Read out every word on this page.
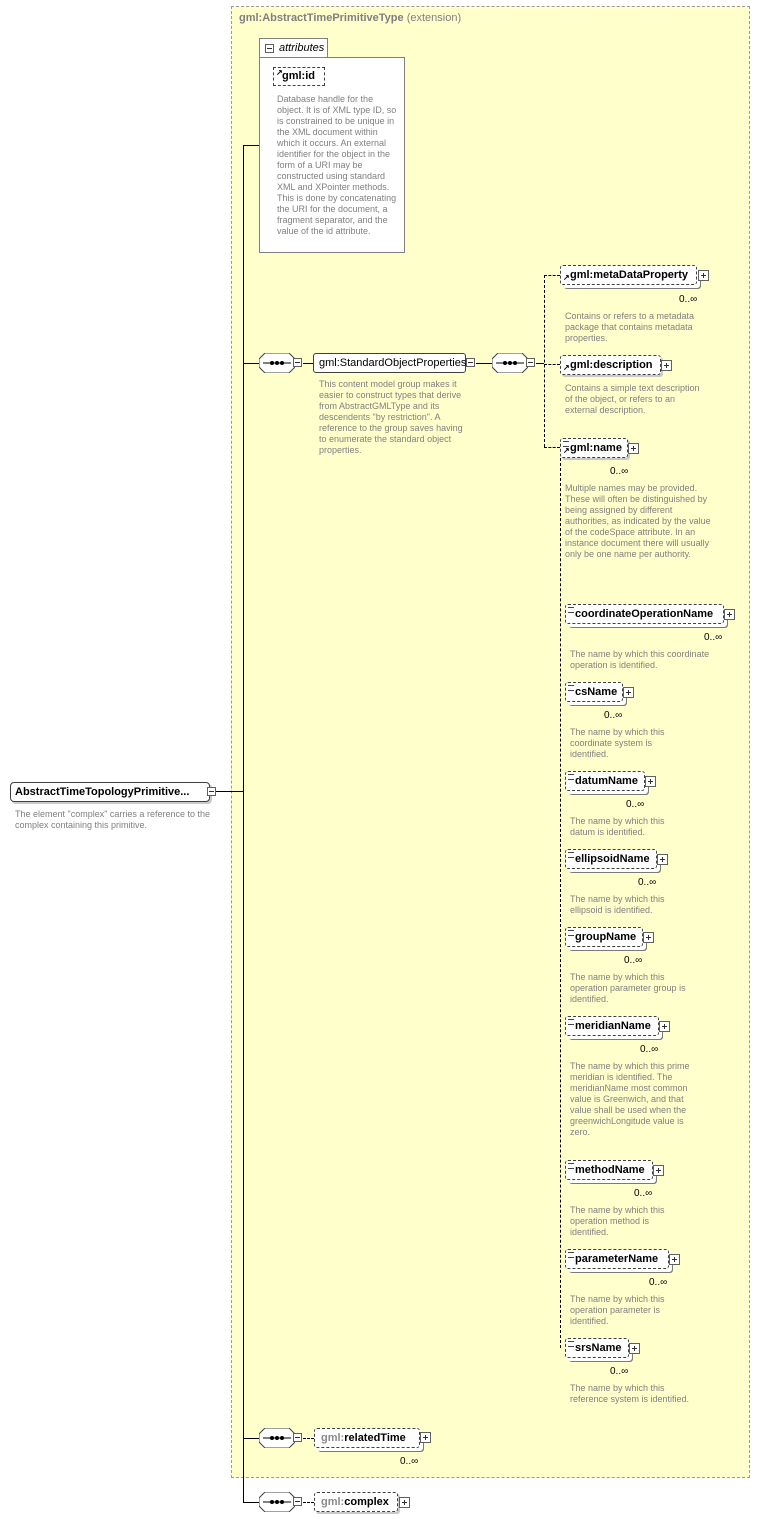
gml:AbstractTimePrimitiveType (extension)
attributes
↗ gml:id
Database handle for the object. It is of XML type ID, so is constrained to be unique in the XML document within which it occurs. An external identifier for the object in the form of a URI may be constructed using standard XML and XPointer methods. This is done by concatenating the URI for the document, a fragment separator, and the value of the id attribute.
AbstractTimeTopologyPrimitive...
The element "complex" carries a reference to the complex containing this primitive.
gml:StandardObjectProperties
This content model group makes it easier to construct types that derive from AbstractGMLType and its descendents "by restriction". A reference to the group saves having to enumerate the standard object properties.
↗ gml:metaDataProperty
0..∞
Contains or refers to a metadata package that contains metadata properties.
↗ gml:description
Contains a simple text description of the object, or refers to an external description.
↗ gml:name
0..∞
Multiple names may be provided. These will often be distinguished by being assigned by different authorities, as indicated by the value of the codeSpace attribute. In an instance document there will usually only be one name per authority.
coordinateOperationName
0..∞
The name by which this coordinate operation is identified.
csName
0..∞
The name by which this coordinate system is identified.
datumName
0..∞
The name by which this datum is identified.
ellipsoidName
0..∞
The name by which this ellipsoid is identified.
groupName
0..∞
The name by which this operation parameter group is identified.
meridianName
0..∞
The name by which this prime meridian is identified. The meridianName most common value is Greenwich, and that value shall be used when the greenwichLongitude value is zero.
methodName
0..∞
The name by which this operation method is identified.
parameterName
0..∞
The name by which this operation parameter is identified.
srsName
0..∞
The name by which this reference system is identified.
gml:relatedTime
0..∞
gml:complex
